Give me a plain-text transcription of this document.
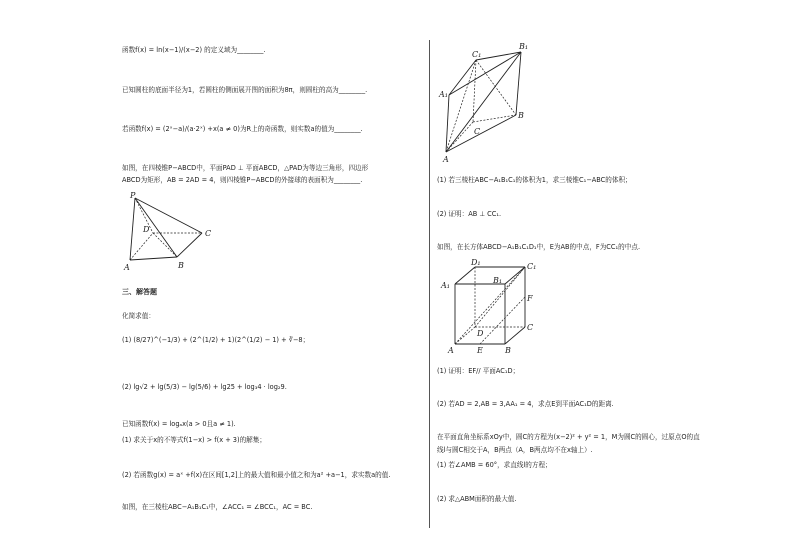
函数f(x) = ln(x−1)/(x−2) 的定义域为________.
已知圆柱的底面半径为1，若圆柱的侧面展开图的面积为8π，则圆柱的高为________.
若函数f(x) = (2ˣ−a)/(a·2ˣ) +x(a ≠ 0)为R上的奇函数，则实数a的值为________.
如图，在四棱锥P−ABCD中，平面PAD ⊥ 平面ABCD，△PAD为等边三角形，四边形
ABCD为矩形，AB = 2AD = 4，则四棱锥P−ABCD的外接球的表面积为________.
P
D	C
A	B
三、解答题
化简求值：
(1) (8/27)^(−1/3) + (2^(1/2) + 1)(2^(1/2) − 1) + ∛−8；
(2) lg√2 + lg(5/3) − lg(5/6) + lg25 + log₃4 · log₂9.
已知函数f(x) = logₐx(a > 0且a ≠ 1).
(1) 求关于x的不等式f(1−x) > f(x + 3)的解集；
(2) 若函数g(x) = aˣ +f(x)在区间[1,2]上的最大值和最小值之和为a² +a−1，求实数a的值.
如图，在三棱柱ABC−A₁B₁C₁中，∠ACC₁ = ∠BCC₁，AC = BC.
C₁
B₁
A₁
C
B
A
(1) 若三棱柱ABC−A₁B₁C₁的体积为1，求三棱锥C₁−ABC的体积；
(2) 证明：AB ⊥ CC₁.
如图，在长方体ABCD−A₁B₁C₁D₁中，E为AB的中点，F为CC₁的中点.
D₁	C₁
A₁
B₁
F
D
C
A	E	B
(1) 证明：EF// 平面AC₁D；
(2) 若AD = 2,AB = 3,AA₁ = 4，求点E到平面AC₁D的距离.
在平面直角坐标系xOy中，圆C的方程为(x−2)² + y² = 1，M为圆C的圆心，过原点O的直
线l与圆C相交于A，B两点（A，B两点均不在x轴上）.
(1) 若∠AMB = 60°，求直线l的方程；
(2) 求△ABM面积的最大值.
